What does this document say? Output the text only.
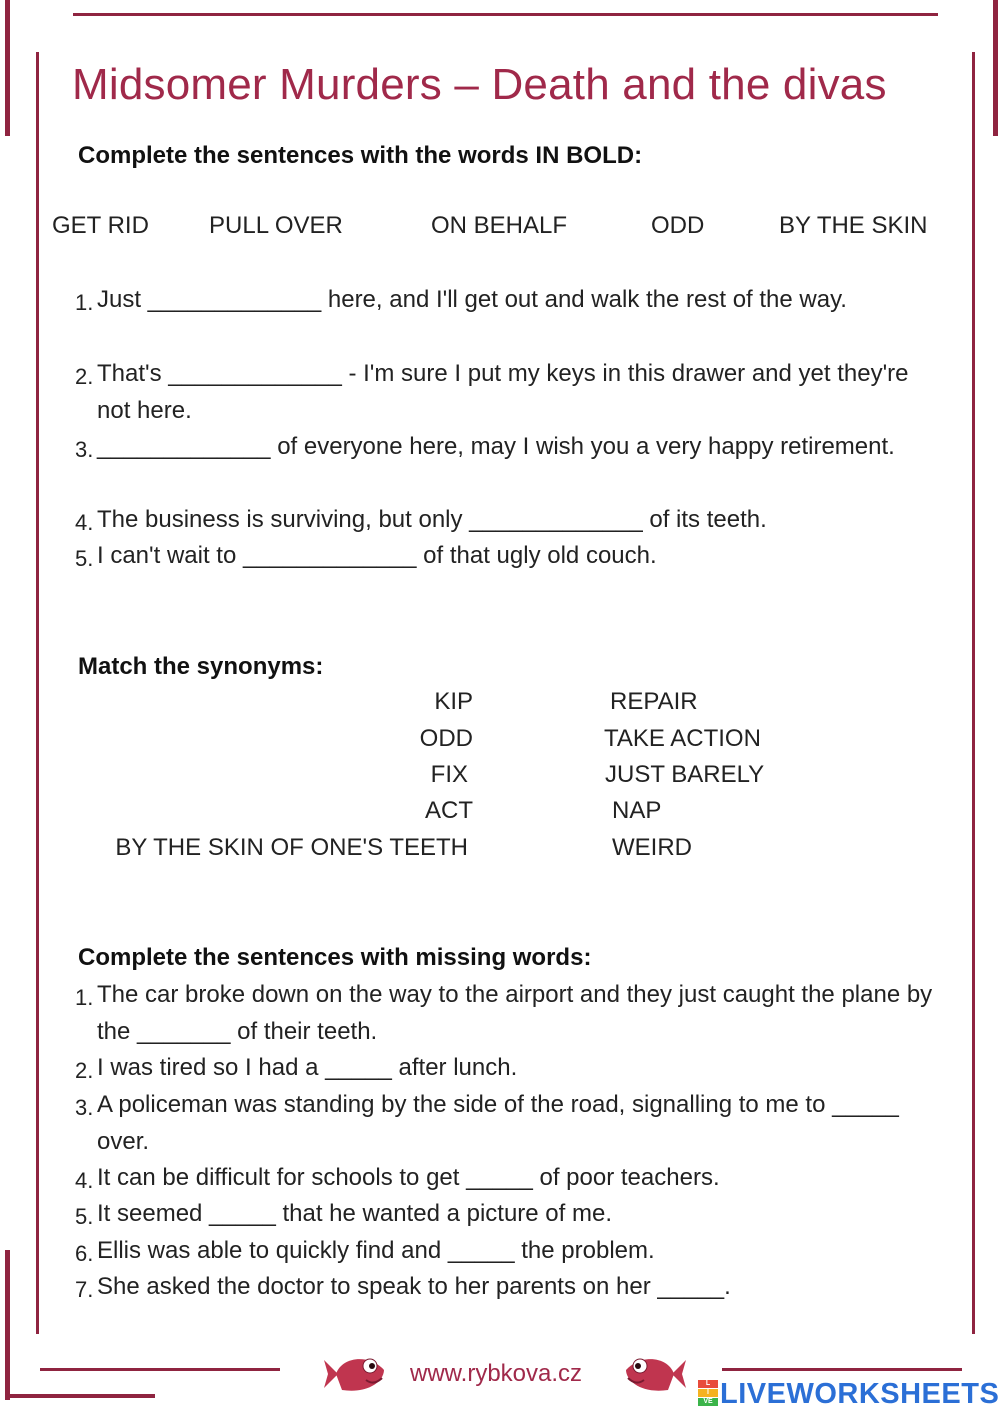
Midsomer Murders – Death and the divas
Complete the sentences with the words IN BOLD:
GET RID	PULL OVER	ON BEHALF	ODD	BY THE SKIN
1. Just _____________ here, and I'll get out and walk the rest of the way.
2. That's _____________ - I'm sure I put my keys in this drawer and yet they're not here.
3. _____________ of everyone here, may I wish you a very happy retirement.
4. The business is surviving, but only _____________ of its teeth.
5. I can't wait to _____________ of that ugly old couch.
Match the synonyms:
KIP	REPAIR
ODD	TAKE ACTION
FIX	JUST BARELY
ACT	NAP
BY THE SKIN OF ONE'S TEETH	WEIRD
Complete the sentences with missing words:
1. The car broke down on the way to the airport and they just caught the plane by the _______ of their teeth.
2. I was tired so I had a _____ after lunch.
3. A policeman was standing by the side of the road, signalling to me to _____ over.
4. It can be difficult for schools to get _____ of poor teachers.
5. It seemed _____ that he wanted a picture of me.
6. Ellis was able to quickly find and _____ the problem.
7. She asked the doctor to speak to her parents on her _____.
www.rybkova.cz	L
I
VE LIVEWORKSHEETS
